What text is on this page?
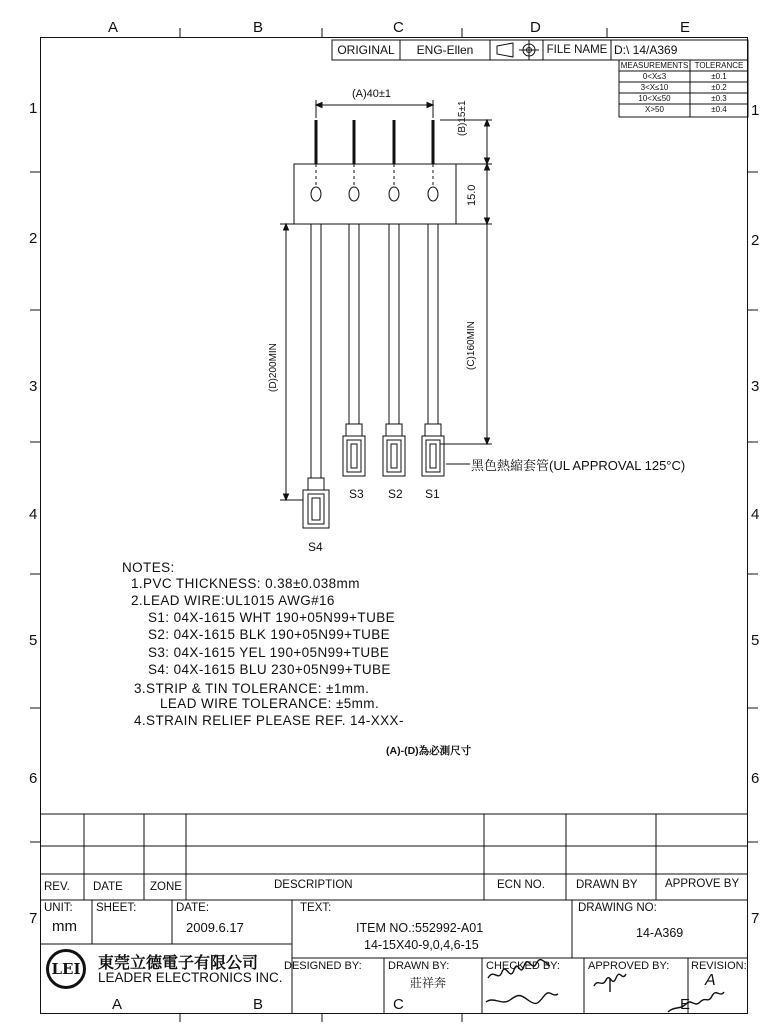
A	B	C	D	E
A	B	C	E
1
2
3
4
5
6
7
1
2
3
4
5
6
7
ORIGINAL	ENG-Ellen	FILE NAME D:\ 14/A369
MEASUREMENTS TOLERANCE
0<X≤3	±0.1
3<X≤10	±0.2
10<X≤50	±0.3
X>50	±0.4
(A)40±1
(B)15±1
15.0
(C)160MIN
(D)200MIN
黑色熱縮套管(UL APPROVAL 125°C)
S4
S3 S2 S1
NOTES:
1.PVC THICKNESS: 0.38±0.038mm
2.LEAD WIRE:UL1015 AWG#16
S1: 04X-1615 WHT 190+05N99+TUBE
S2: 04X-1615 BLK 190+05N99+TUBE
S3: 04X-1615 YEL 190+05N99+TUBE
S4: 04X-1615 BLU 230+05N99+TUBE
3.STRIP & TIN TOLERANCE: ±1mm.
LEAD WIRE TOLERANCE: ±5mm.
4.STRAIN RELIEF PLEASE REF. 14-XXX-
(A)-(D)為必測尺寸
REV. DATE ZONE	DESCRIPTION	ECN NO.	DRAWN BY APPROVE BY
UNIT:
mm
SHEET:	DATE:
2009.6.17
TEXT:
ITEM NO.:552992-A01
14-15X40-9,0,4,6-15
DRAWING NO:
14-A369
LEI	東莞立德電子有限公司
LEADER ELECTRONICS INC.
DESIGNED BY: DRAWN BY:
莊祥奔
CHECKED BY:	APPROVED BY: REVISION:
A
